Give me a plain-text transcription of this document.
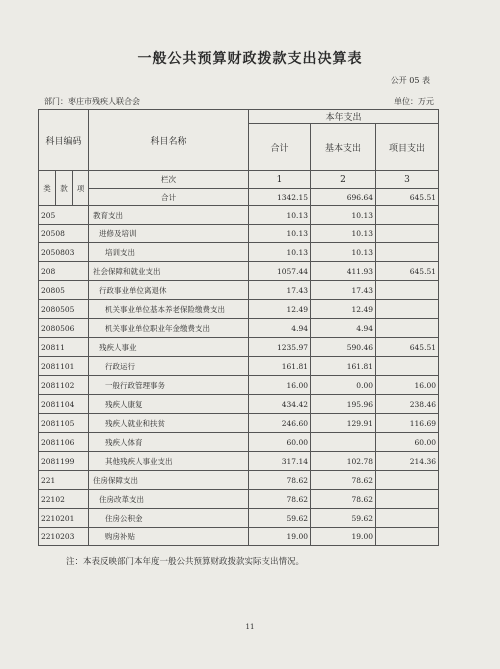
一般公共预算财政拨款支出决算表
公开 05 表
部门：枣庄市残疾人联合会	单位：万元
科目编码			科目名称	本年支出		
				合计	基本支出	项目支出
类	款	项	栏次	1	2	3
			合计	1342.15	696.64	645.51
205			教育支出	10.13	10.13	
20508			进修及培训	10.13	10.13	
2050803			培训支出	10.13	10.13	
208			社会保障和就业支出	1057.44	411.93	645.51
20805			行政事业单位离退休	17.43	17.43	
2080505			机关事业单位基本养老保险缴费支出	12.49	12.49	
2080506			机关事业单位职业年金缴费支出	4.94	4.94	
20811			残疾人事业	1235.97	590.46	645.51
2081101			行政运行	161.81	161.81	
2081102			一般行政管理事务	16.00	0.00	16.00
2081104			残疾人康复	434.42	195.96	238.46
2081105			残疾人就业和扶贫	246.60	129.91	116.69
2081106			残疾人体育	60.00		60.00
2081199			其他残疾人事业支出	317.14	102.78	214.36
221			住房保障支出	78.62	78.62	
22102			住房改革支出	78.62	78.62	
2210201			住房公积金	59.62	59.62	
2210203			购房补贴	19.00	19.00	
注：本表反映部门本年度一般公共预算财政拨款实际支出情况。
11
